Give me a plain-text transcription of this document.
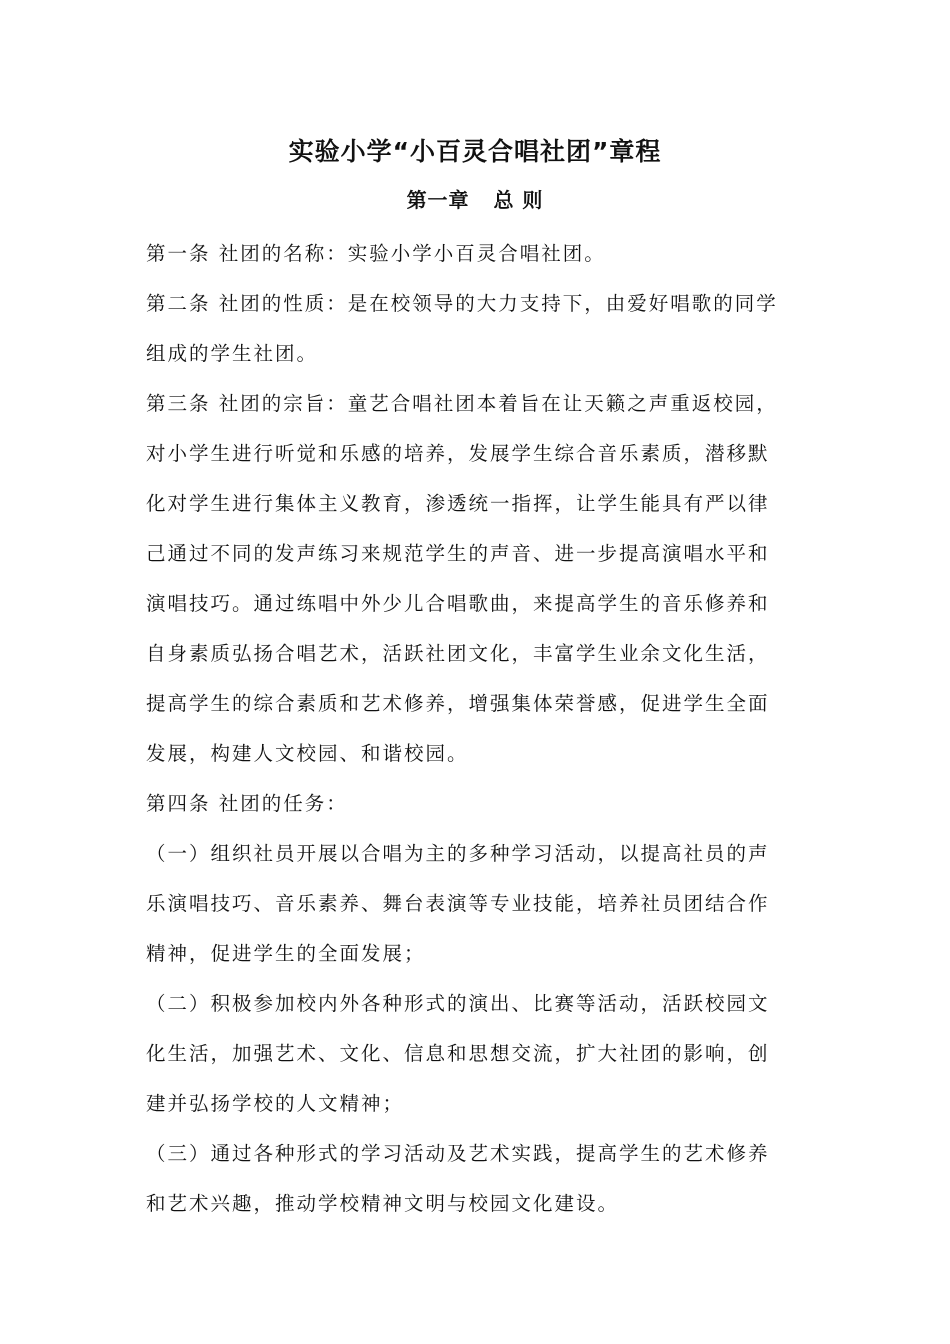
实验小学“小百灵合唱社团”章程
第一章   总 则
第一条 社团的名称：实验小学小百灵合唱社团。
第二条 社团的性质：是在校领导的大力支持下，由爱好唱歌的同学
组成的学生社团。
第三条 社团的宗旨：童艺合唱社团本着旨在让天籁之声重返校园，
对小学生进行听觉和乐感的培养，发展学生综合音乐素质，潜移默
化对学生进行集体主义教育，渗透统一指挥，让学生能具有严以律
己通过不同的发声练习来规范学生的声音、进一步提高演唱水平和
演唱技巧。通过练唱中外少儿合唱歌曲，来提高学生的音乐修养和
自身素质弘扬合唱艺术，活跃社团文化，丰富学生业余文化生活，
提高学生的综合素质和艺术修养，增强集体荣誉感，促进学生全面
发展，构建人文校园、和谐校园。
第四条 社团的任务：
（一）组织社员开展以合唱为主的多种学习活动，以提高社员的声
乐演唱技巧、音乐素养、舞台表演等专业技能，培养社员团结合作
精神，促进学生的全面发展；
（二）积极参加校内外各种形式的演出、比赛等活动，活跃校园文
化生活，加强艺术、文化、信息和思想交流，扩大社团的影响，创
建并弘扬学校的人文精神；
（三）通过各种形式的学习活动及艺术实践，提高学生的艺术修养
和艺术兴趣，推动学校精神文明与校园文化建设。
